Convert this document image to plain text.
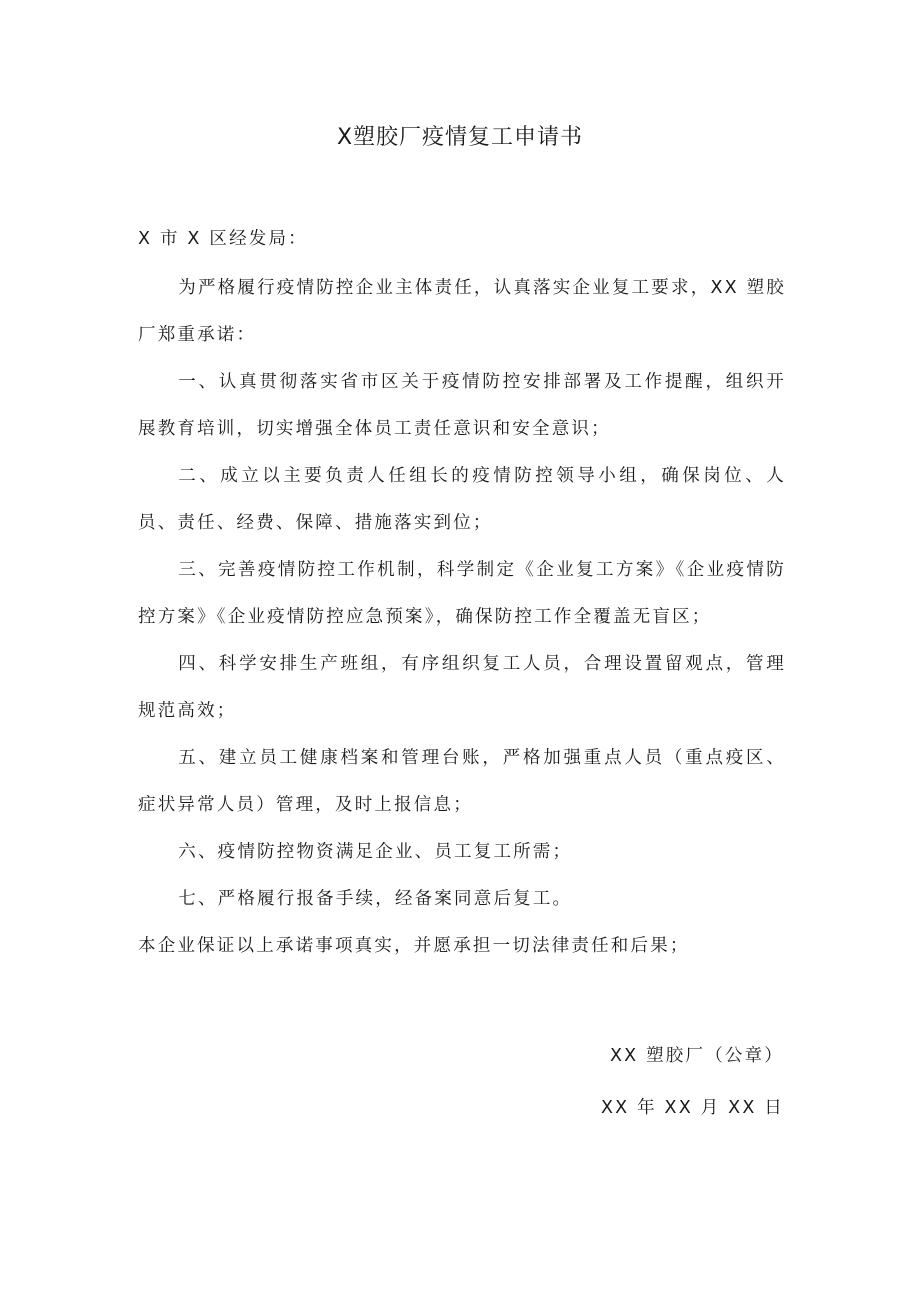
X塑胶厂疫情复工申请书

X 市 X 区经发局：

为严格履行疫情防控企业主体责任，认真落实企业复工要求，XX 塑胶厂郑重承诺：

一、认真贯彻落实省市区关于疫情防控安排部署及工作提醒，组织开展教育培训，切实增强全体员工责任意识和安全意识；

二、成立以主要负责人任组长的疫情防控领导小组，确保岗位、人员、责任、经费、保障、措施落实到位；

三、完善疫情防控工作机制，科学制定《企业复工方案》《企业疫情防控方案》《企业疫情防控应急预案》，确保防控工作全覆盖无盲区；

四、科学安排生产班组，有序组织复工人员，合理设置留观点，管理规范高效；

五、建立员工健康档案和管理台账，严格加强重点人员（重点疫区、症状异常人员）管理，及时上报信息；

六、疫情防控物资满足企业、员工复工所需；

七、严格履行报备手续，经备案同意后复工。

本企业保证以上承诺事项真实，并愿承担一切法律责任和后果；

XX 塑胶厂（公章）

XX 年 XX 月 XX 日
